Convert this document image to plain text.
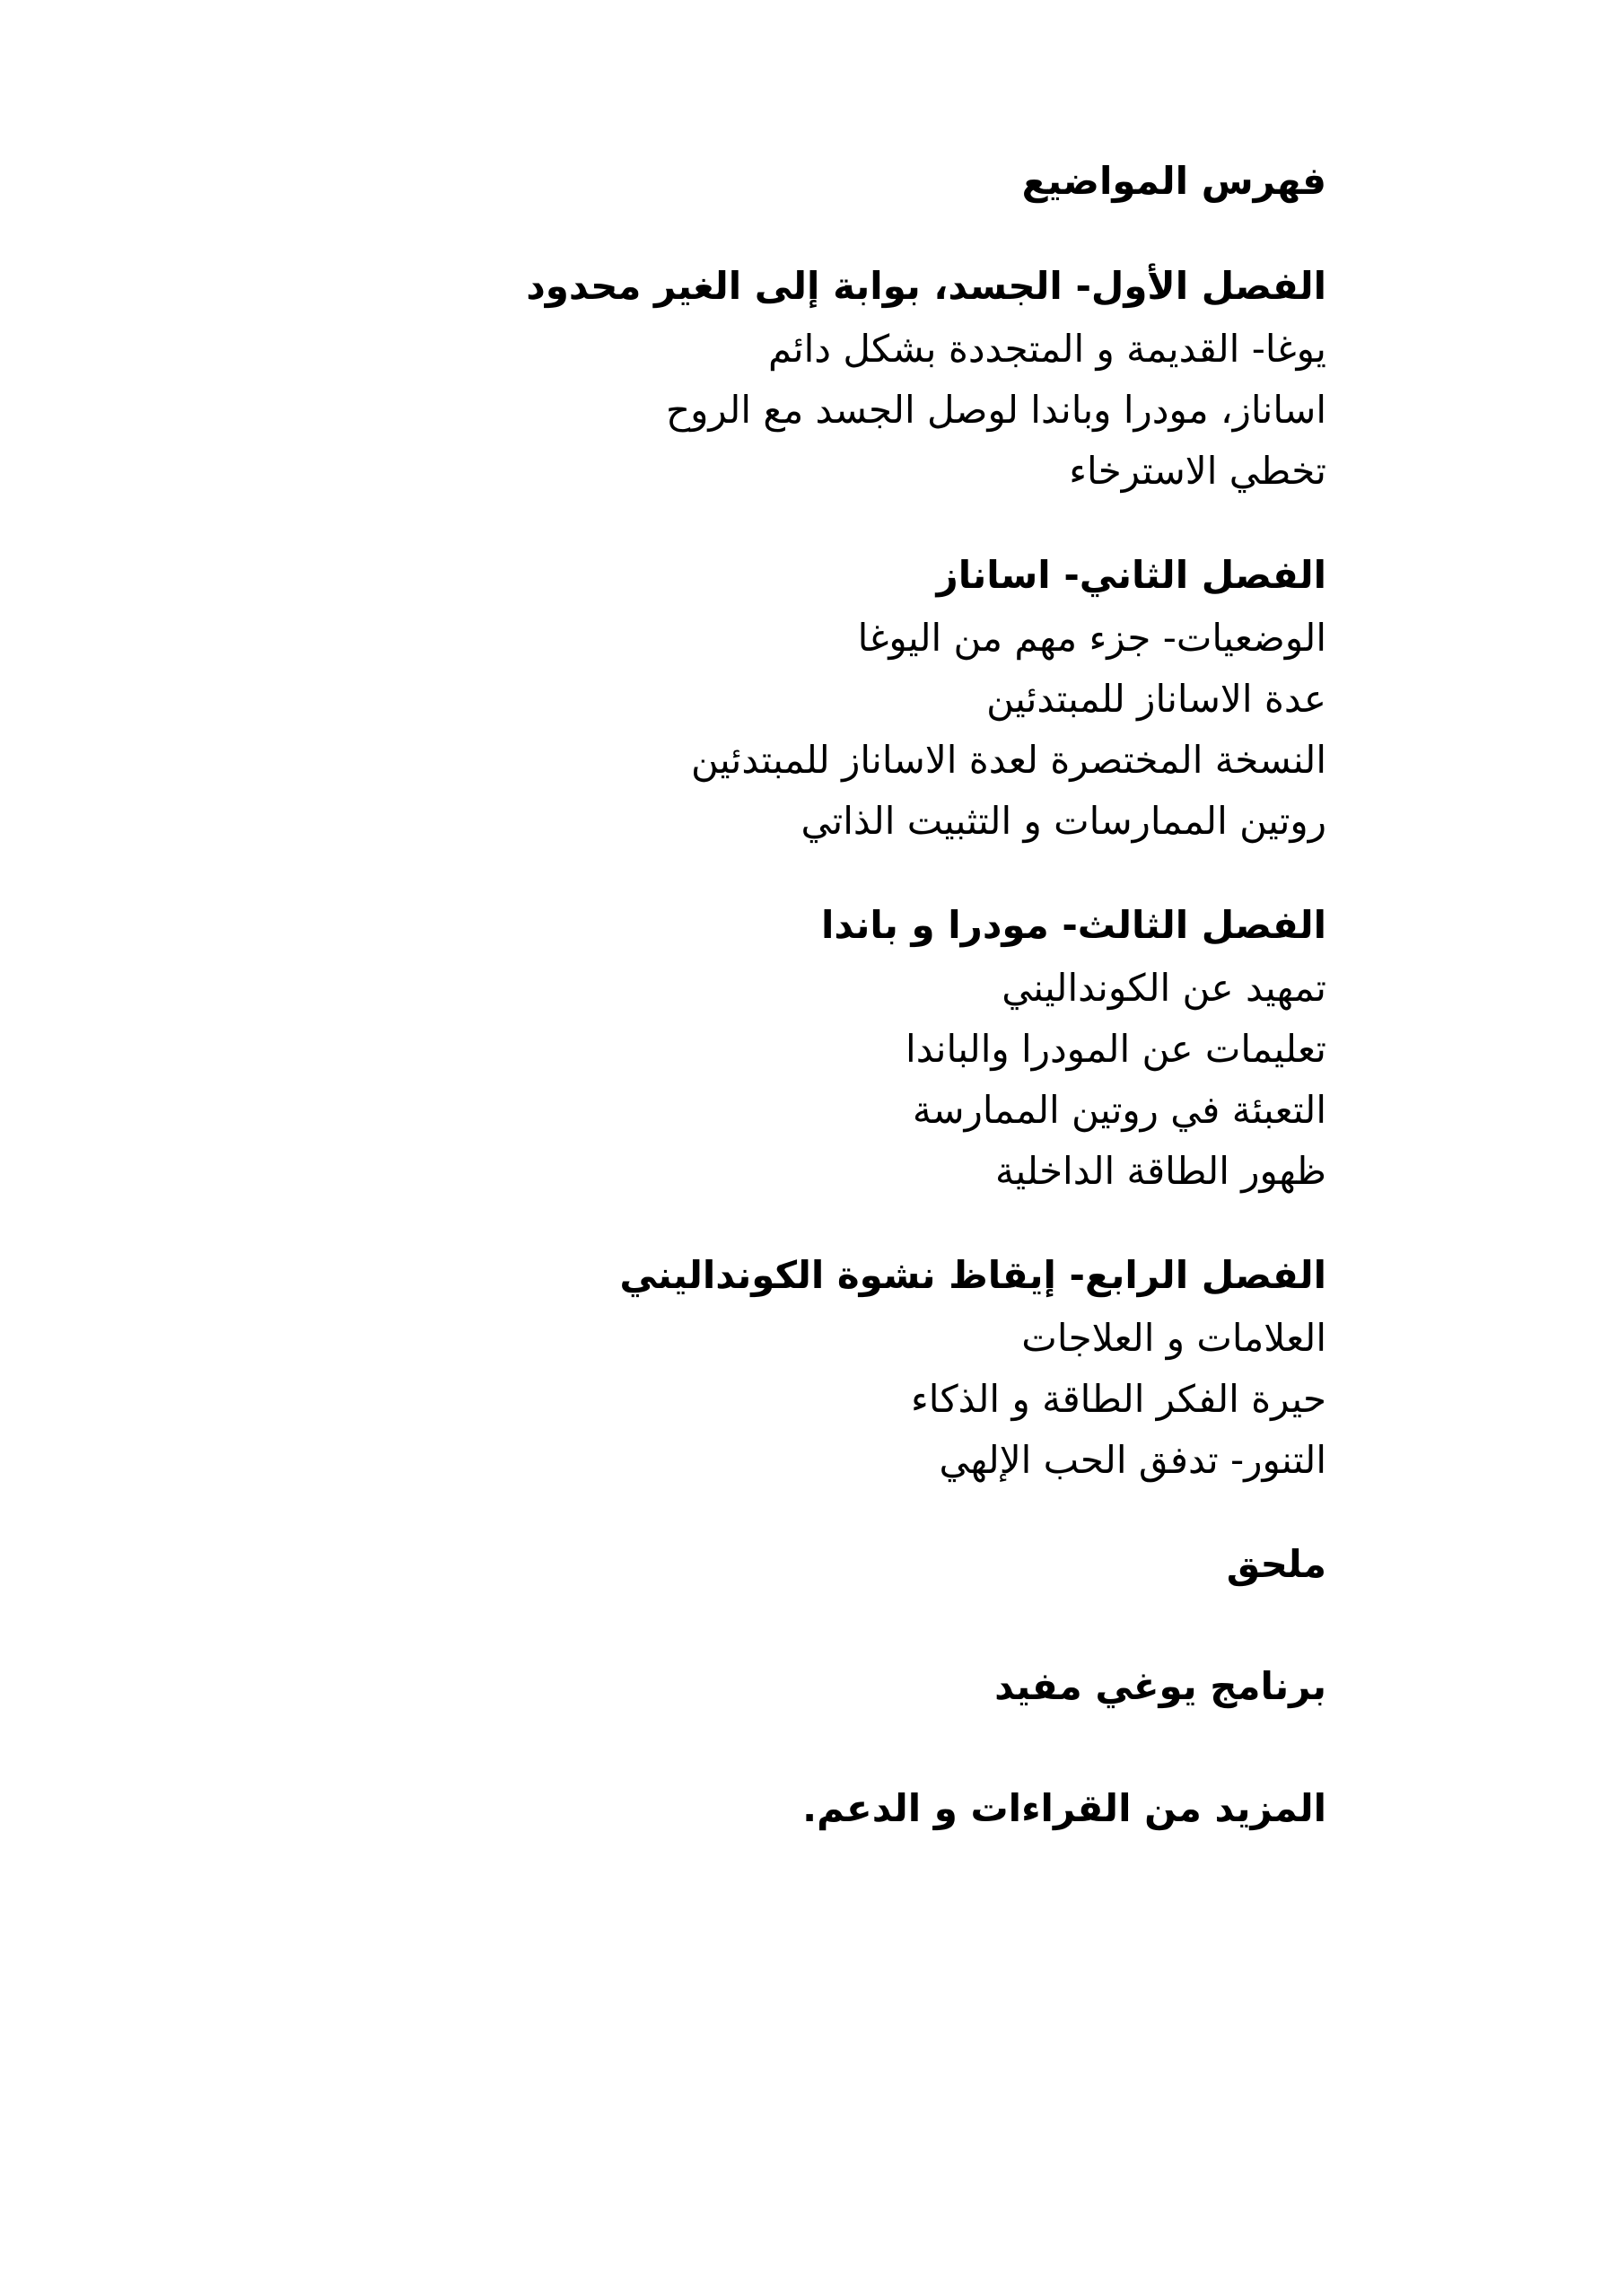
فهرس المواضيع
الفصل الأول- الجسد، بوابة إلى الغير محدود
يوغا- القديمة و المتجددة بشكل دائم
اساناز، مودرا وباندا لوصل الجسد مع الروح
تخطي الاسترخاء
الفصل الثاني- اساناز
الوضعيات- جزء مهم من اليوغا
عدة الاساناز للمبتدئين
النسخة المختصرة لعدة الاساناز للمبتدئين
روتين الممارسات و التثبيت الذاتي
الفصل الثالث- مودرا و باندا
تمهيد عن الكونداليني
تعليمات عن المودرا والباندا
التعبئة في روتين الممارسة
ظهور الطاقة الداخلية
الفصل الرابع- إيقاظ نشوة الكونداليني
العلامات و العلاجات
حيرة الفكر الطاقة و الذكاء
التنور- تدفق الحب الإلهي
ملحق
برنامج يوغي مفيد
المزيد من القراءات و الدعم.
